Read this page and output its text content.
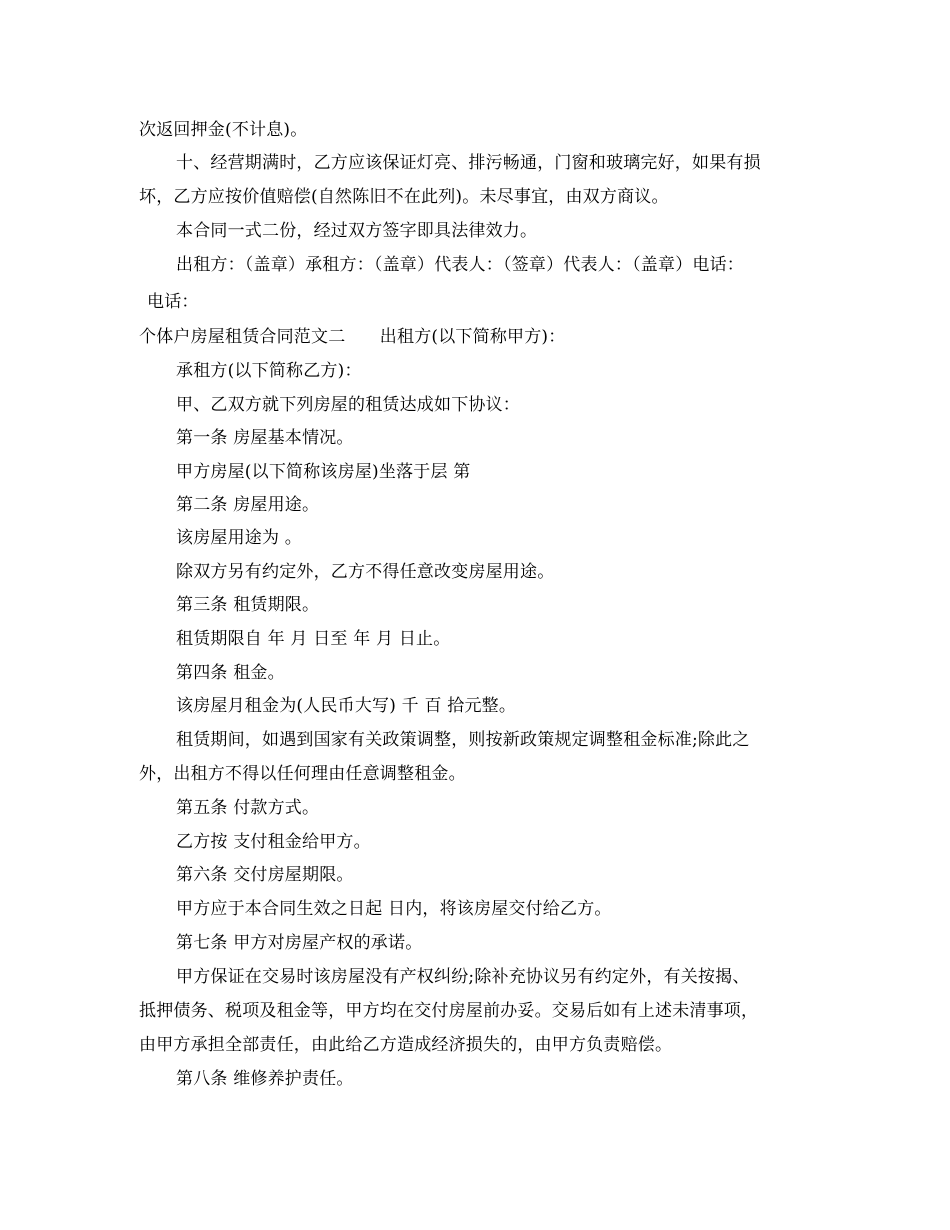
次返回押金(不计息)。
十、经营期满时，乙方应该保证灯亮、排污畅通，门窗和玻璃完好，如果有损
坏，乙方应按价值赔偿(自然陈旧不在此列)。未尽事宜，由双方商议。
本合同一式二份，经过双方签字即具法律效力。
出租方：（盖章）承租方：（盖章）代表人：（签章）代表人：（盖章）电话：
电话：
个体户房屋租赁合同范文二　　出租方(以下简称甲方)：
承租方(以下简称乙方)：
甲、乙双方就下列房屋的租赁达成如下协议：
第一条 房屋基本情况。
甲方房屋(以下简称该房屋)坐落于层 第
第二条 房屋用途。
该房屋用途为 。
除双方另有约定外，乙方不得任意改变房屋用途。
第三条 租赁期限。
租赁期限自 年 月 日至 年 月 日止。
第四条 租金。
该房屋月租金为(人民币大写) 千 百 拾元整。
租赁期间，如遇到国家有关政策调整，则按新政策规定调整租金标准;除此之
外，出租方不得以任何理由任意调整租金。
第五条 付款方式。
乙方按 支付租金给甲方。
第六条 交付房屋期限。
甲方应于本合同生效之日起 日内，将该房屋交付给乙方。
第七条 甲方对房屋产权的承诺。
甲方保证在交易时该房屋没有产权纠纷;除补充协议另有约定外，有关按揭、
抵押债务、税项及租金等，甲方均在交付房屋前办妥。交易后如有上述未清事项，
由甲方承担全部责任，由此给乙方造成经济损失的，由甲方负责赔偿。
第八条 维修养护责任。
